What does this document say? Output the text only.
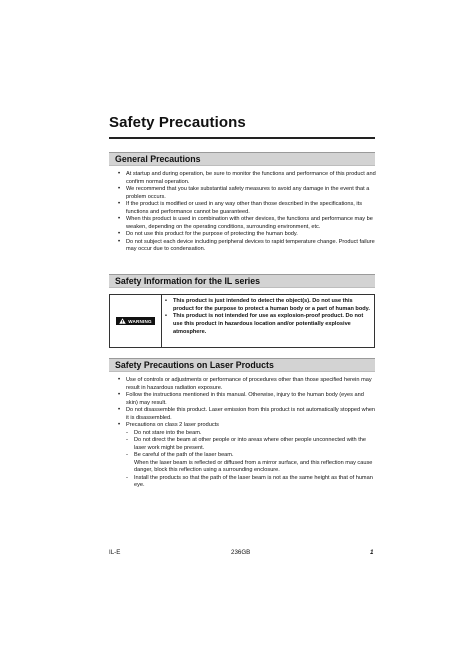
Safety Precautions
General Precautions
• At startup and during operation, be sure to monitor the functions and performance of this product and confirm normal operation.
• We recommend that you take substantial safety measures to avoid any damage in the event that a problem occurs.
• If the product is modified or used in any way other than those described in the specifications, its functions and performance cannot be guaranteed.
• When this product is used in combination with other devices, the functions and performance may be weaken, depending on the operating conditions, surrounding environment, etc.
• Do not use this product for the purpose of protecting the human body.
• Do not subject each device including peripheral devices to rapid temperature change. Product failure may occur due to condensation.
Safety Information for the IL series
WARNING
• This product is just intended to detect the object(s). Do not use this product for the purpose to protect a human body or a part of human body.
• This product is not intended for use as explosion-proof product. Do not use this product in hazardous location and/or potentially explosive atmosphere.
Safety Precautions on Laser Products
• Use of controls or adjustments or performance of procedures other than those specified herein may result in hazardous radiation exposure.
• Follow the instructions mentioned in this manual. Otherwise, injury to the human body (eyes and skin) may result.
• Do not disassemble this product. Laser emission from this product is not automatically stopped when it is disassembled.
• Precautions on class 2 laser products
- Do not stare into the beam.
- Do not direct the beam at other people or into areas where other people unconnected with the laser work might be present.
- Be careful of the path of the laser beam.
When the laser beam is reflected or diffused from a mirror surface, and this reflection may cause danger, block this reflection using a surrounding enclosure.
- Install the products so that the path of the laser beam is not as the same height as that of human eye.
IL-E	236GB	1
